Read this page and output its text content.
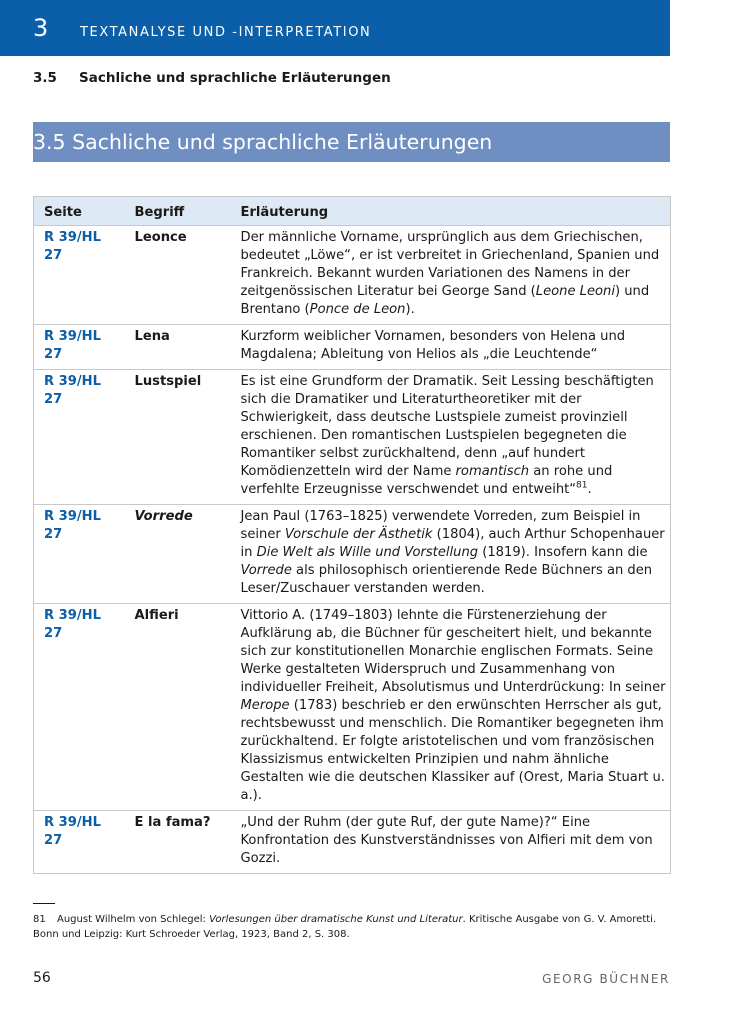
3 TEXTANALYSE UND -INTERPRETATION
3.5 Sachliche und sprachliche Erläuterungen
3.5 Sachliche und sprachliche Erläuterungen
Seite	Begriff	Erläuterung
R 39/HL 27	Leonce	Der männliche Vorname, ursprünglich aus dem Griechischen, bedeutet „Löwe“, er ist verbreitet in Griechenland, Spanien und Frankreich. Bekannt wurden Variationen des Namens in der zeitgenössischen Literatur bei George Sand (Leone Leoni) und Brentano (Ponce de Leon).
R 39/HL 27	Lena	Kurzform weiblicher Vornamen, besonders von Helena und Magdalena; Ableitung von Helios als „die Leuchtende“
R 39/HL 27	Lustspiel	Es ist eine Grundform der Dramatik. Seit Lessing beschäftigten sich die Dramatiker und Literaturtheoretiker mit der Schwierigkeit, dass deutsche Lustspiele zumeist provinziell erschienen. Den romantischen Lustspielen begegneten die Romantiker selbst zurückhaltend, denn „auf hundert Komödienzetteln wird der Name romantisch an rohe und verfehlte Erzeugnisse verschwendet und entweiht“$^{81}$.
R 39/HL 27	Vorrede	Jean Paul (1763–1825) verwendete Vorreden, zum Beispiel in seiner Vorschule der Ästhetik (1804), auch Arthur Schopenhauer in Die Welt als Wille und Vorstellung (1819). Insofern kann die Vorrede als philosophisch orientierende Rede Büchners an den Leser/Zuschauer verstanden werden.
R 39/HL 27	Alfieri	Vittorio A. (1749–1803) lehnte die Fürstenerziehung der Aufklärung ab, die Büchner für gescheitert hielt, und bekannte sich zur konstitutionellen Monarchie englischen Formats. Seine Werke gestalteten Widerspruch und Zusammenhang von individueller Freiheit, Absolutismus und Unterdrückung: In seiner Merope (1783) beschrieb er den erwünschten Herrscher als gut, rechtsbewusst und menschlich. Die Romantiker begegneten ihm zurückhaltend. Er folgte aristotelischen und vom französischen Klassizismus entwickelten Prinzipien und nahm ähnliche Gestalten wie die deutschen Klassiker auf (Orest, Maria Stuart u. a.).
R 39/HL 27	E la fama?	„Und der Ruhm (der gute Ruf, der gute Name)?“ Eine Konfrontation des Kunstverständnisses von Alfieri mit dem von Gozzi.
81 August Wilhelm von Schlegel: Vorlesungen über dramatische Kunst und Literatur. Kritische Ausgabe von G. V. Amoretti. Bonn und Leipzig: Kurt Schroeder Verlag, 1923, Band 2, S. 308.
56	GEORG BÜCHNER
